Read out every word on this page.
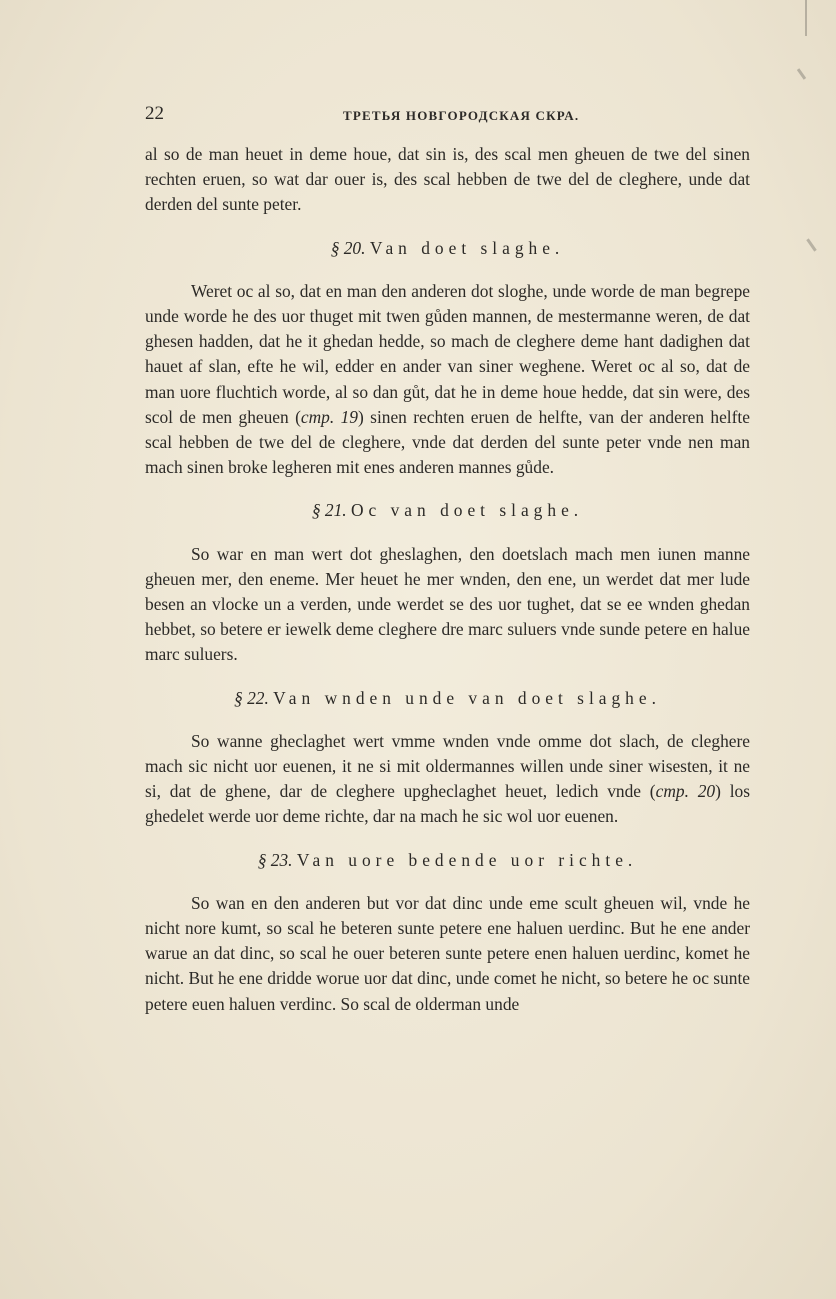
22	ТРЕТЬЯ НОВГОРОДСКАЯ СКРА.

al so de man heuet in deme houe, dat sin is, des scal men gheuen de twe del sinen rechten eruen, so wat dar ouer is, des scal hebben de twe del de cleghere, unde dat derden del sunte peter.

§ 20. Van doet slaghe.

Weret oc al so, dat en man den anderen dot sloghe, unde worde de man begrepe unde worde he des uor thuget mit twen gůden mannen, de mestermanne weren, de dat ghesen hadden, dat he it ghedan hedde, so mach de cleghere deme hant dadighen dat hauet af slan, efte he wil, edder en ander van siner weghene. Weret oc al so, dat de man uore fluchtich worde, al so dan gůt, dat he in deme houe hedde, dat sin were, des scol de men gheuen (cmp. 19) sinen rechten eruen de helfte, van der anderen helfte scal hebben de twe del de cleghere, vnde dat derden del sunte peter vnde nen man mach sinen broke legheren mit enes anderen mannes gůde.

§ 21. Oc van doet slaghe.

So war en man wert dot gheslaghen, den doetslach mach men iunen manne gheuen mer, den eneme. Mer heuet he mer wnden, den ene, un werdet dat mer lude besen an vlocke un a verden, unde werdet se des uor tughet, dat se ee wnden ghedan hebbet, so betere er iewelk deme cleghere dre marc suluers vnde sunde petere en halue marc suluers.

§ 22. Van wnden unde van doet slaghe.

So wanne gheclaghet wert vmme wnden vnde omme dot slach, de cleghere mach sic nicht uor euenen, it ne si mit oldermannes willen unde siner wisesten, it ne si, dat de ghene, dar de cleghere upgheclaghet heuet, ledich vnde (cmp. 20) los ghedelet werde uor deme richte, dar na mach he sic wol uor euenen.

§ 23. Van uore bedende uor richte.

So wan en den anderen but vor dat dinc unde eme scult gheuen wil, vnde he nicht nore kumt, so scal he beteren sunte petere ene haluen uerdinc. But he ene ander warue an dat dinc, so scal he ouer beteren sunte petere enen haluen uerdinc, komet he nicht. But he ene dridde worue uor dat dinc, unde comet he nicht, so betere he oc sunte petere euen haluen verdinc. So scal de olderman unde
